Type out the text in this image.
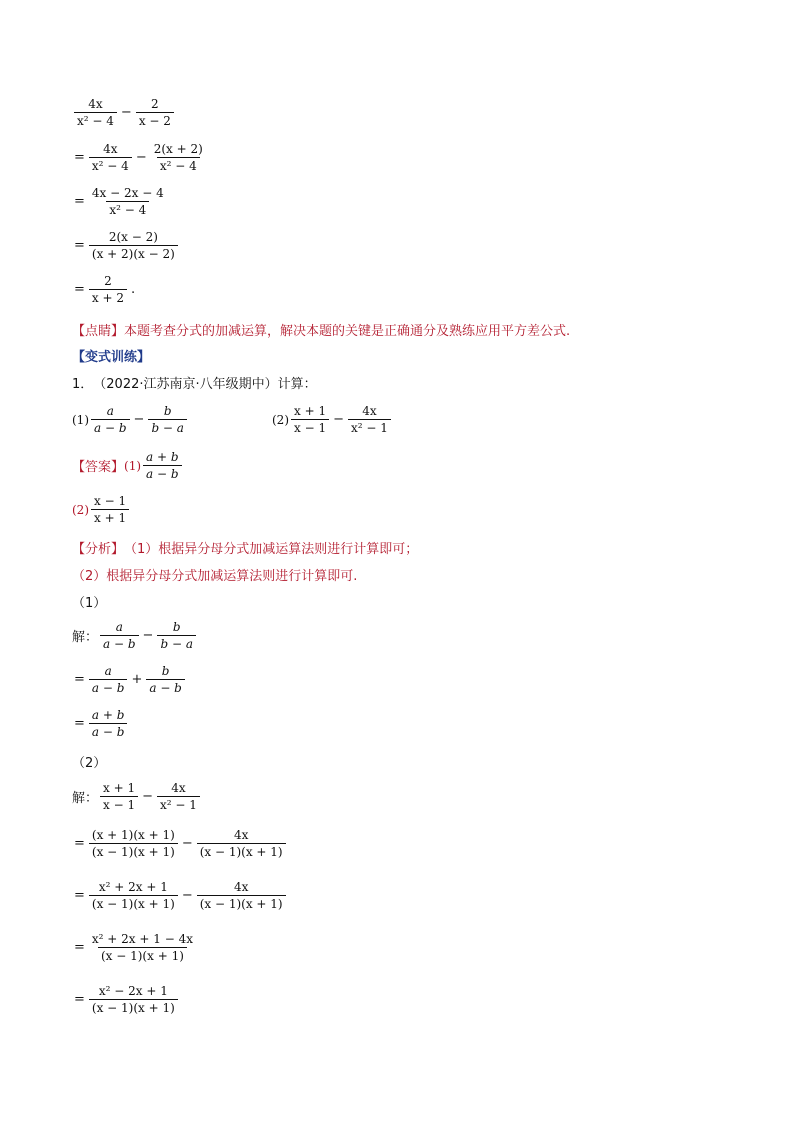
$\frac{4x}{\text{x² − 4}} - \frac{2}{x - 2}$
= $\frac{4x}{\text{x² − 4}} - \frac{2(x + 2)}{\text{x² − 4}}$
= $\frac{4x - 2x - 4}{\text{x² − 4}}$
= $\frac{2(x - 2)}{(x + 2)(x - 2)}$
= $\frac{2}{x + 2}$ .
【点睛】 本题考查分式的加减运算，解决本题的关键是正确通分及熟练应用平方差公式.
【变式训练】
1． （2022·江苏南京·八年级期中）计算：
$(1) \frac{a}{a - b} - \frac{b}{b - a}$	$(2) \frac{x + 1}{x - 1} - \frac{4x}{\text{x² − 1}}$
【答案】 $(1) \frac{a + b}{a - b}$
$(2) \frac{x - 1}{x + 1}$
【分析】 （1）根据异分母分式加减运算法则进行计算即可；
（2）根据异分母分式加减运算法则进行计算即可.
（1）
解： $\frac{a}{a - b} - \frac{b}{b - a}$
= $\frac{a}{a - b} + \frac{b}{a - b}$
= $\frac{a + b}{a - b}$
（2）
解： $\frac{x + 1}{x - 1} - \frac{4x}{\text{x² − 1}}$
= $\frac{(x + 1)(x + 1)}{(x - 1)(x + 1)} - \frac{4x}{(x - 1)(x + 1)}$
= $\frac{\text{x² + 2x + 1}}{(x - 1)(x + 1)} - \frac{4x}{(x - 1)(x + 1)}$
= $\frac{\text{x² + 2x + 1 − 4x}}{(x - 1)(x + 1)}$
= $\frac{\text{x² − 2x + 1}}{(x - 1)(x + 1)}$
